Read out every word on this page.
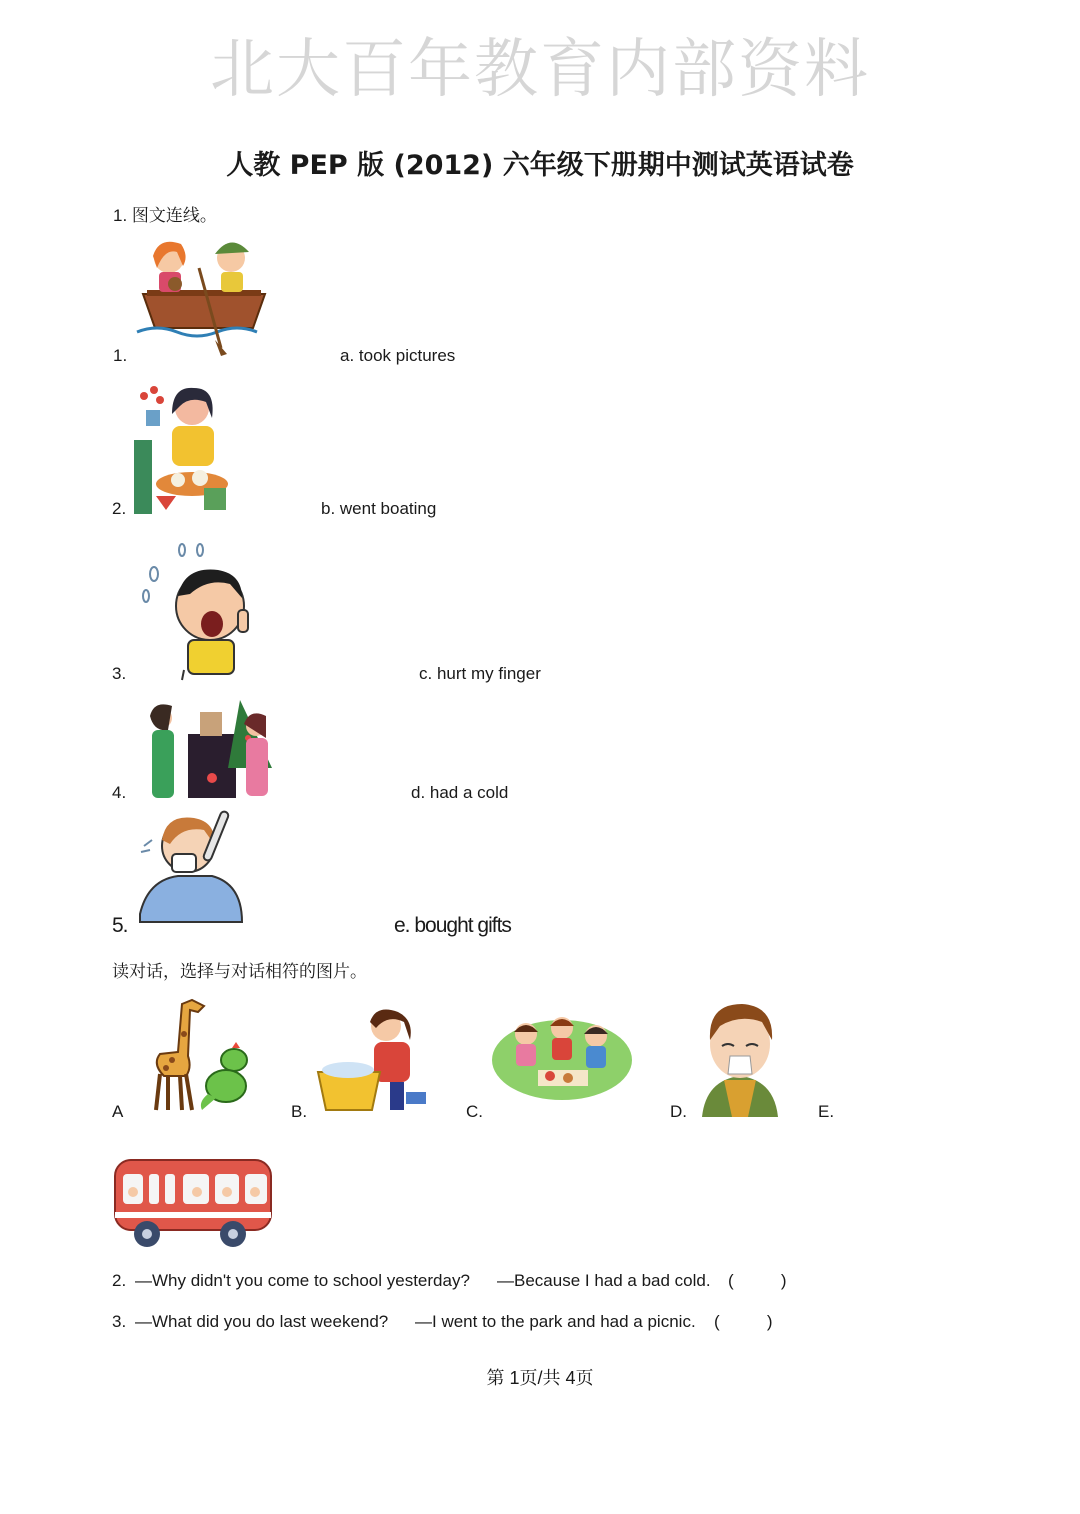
北大百年教育内部资料
人教 PEP 版 (2012) 六年级下册期中测试英语试卷
1. 图文连线。
1.	a. took pictures
2.	b. went boating
3.	c. hurt my finger
4.	d. had a cold
5.	e. bought gifts
读对话，选择与对话相符的图片。
A	B.	C.	D.	E.
2. —Why didn't you come to school yesterday? —Because I had a bad cold. (          )
3. —What did you do last weekend? —I went to the park and had a picnic. (          )
第 1页/共 4页
